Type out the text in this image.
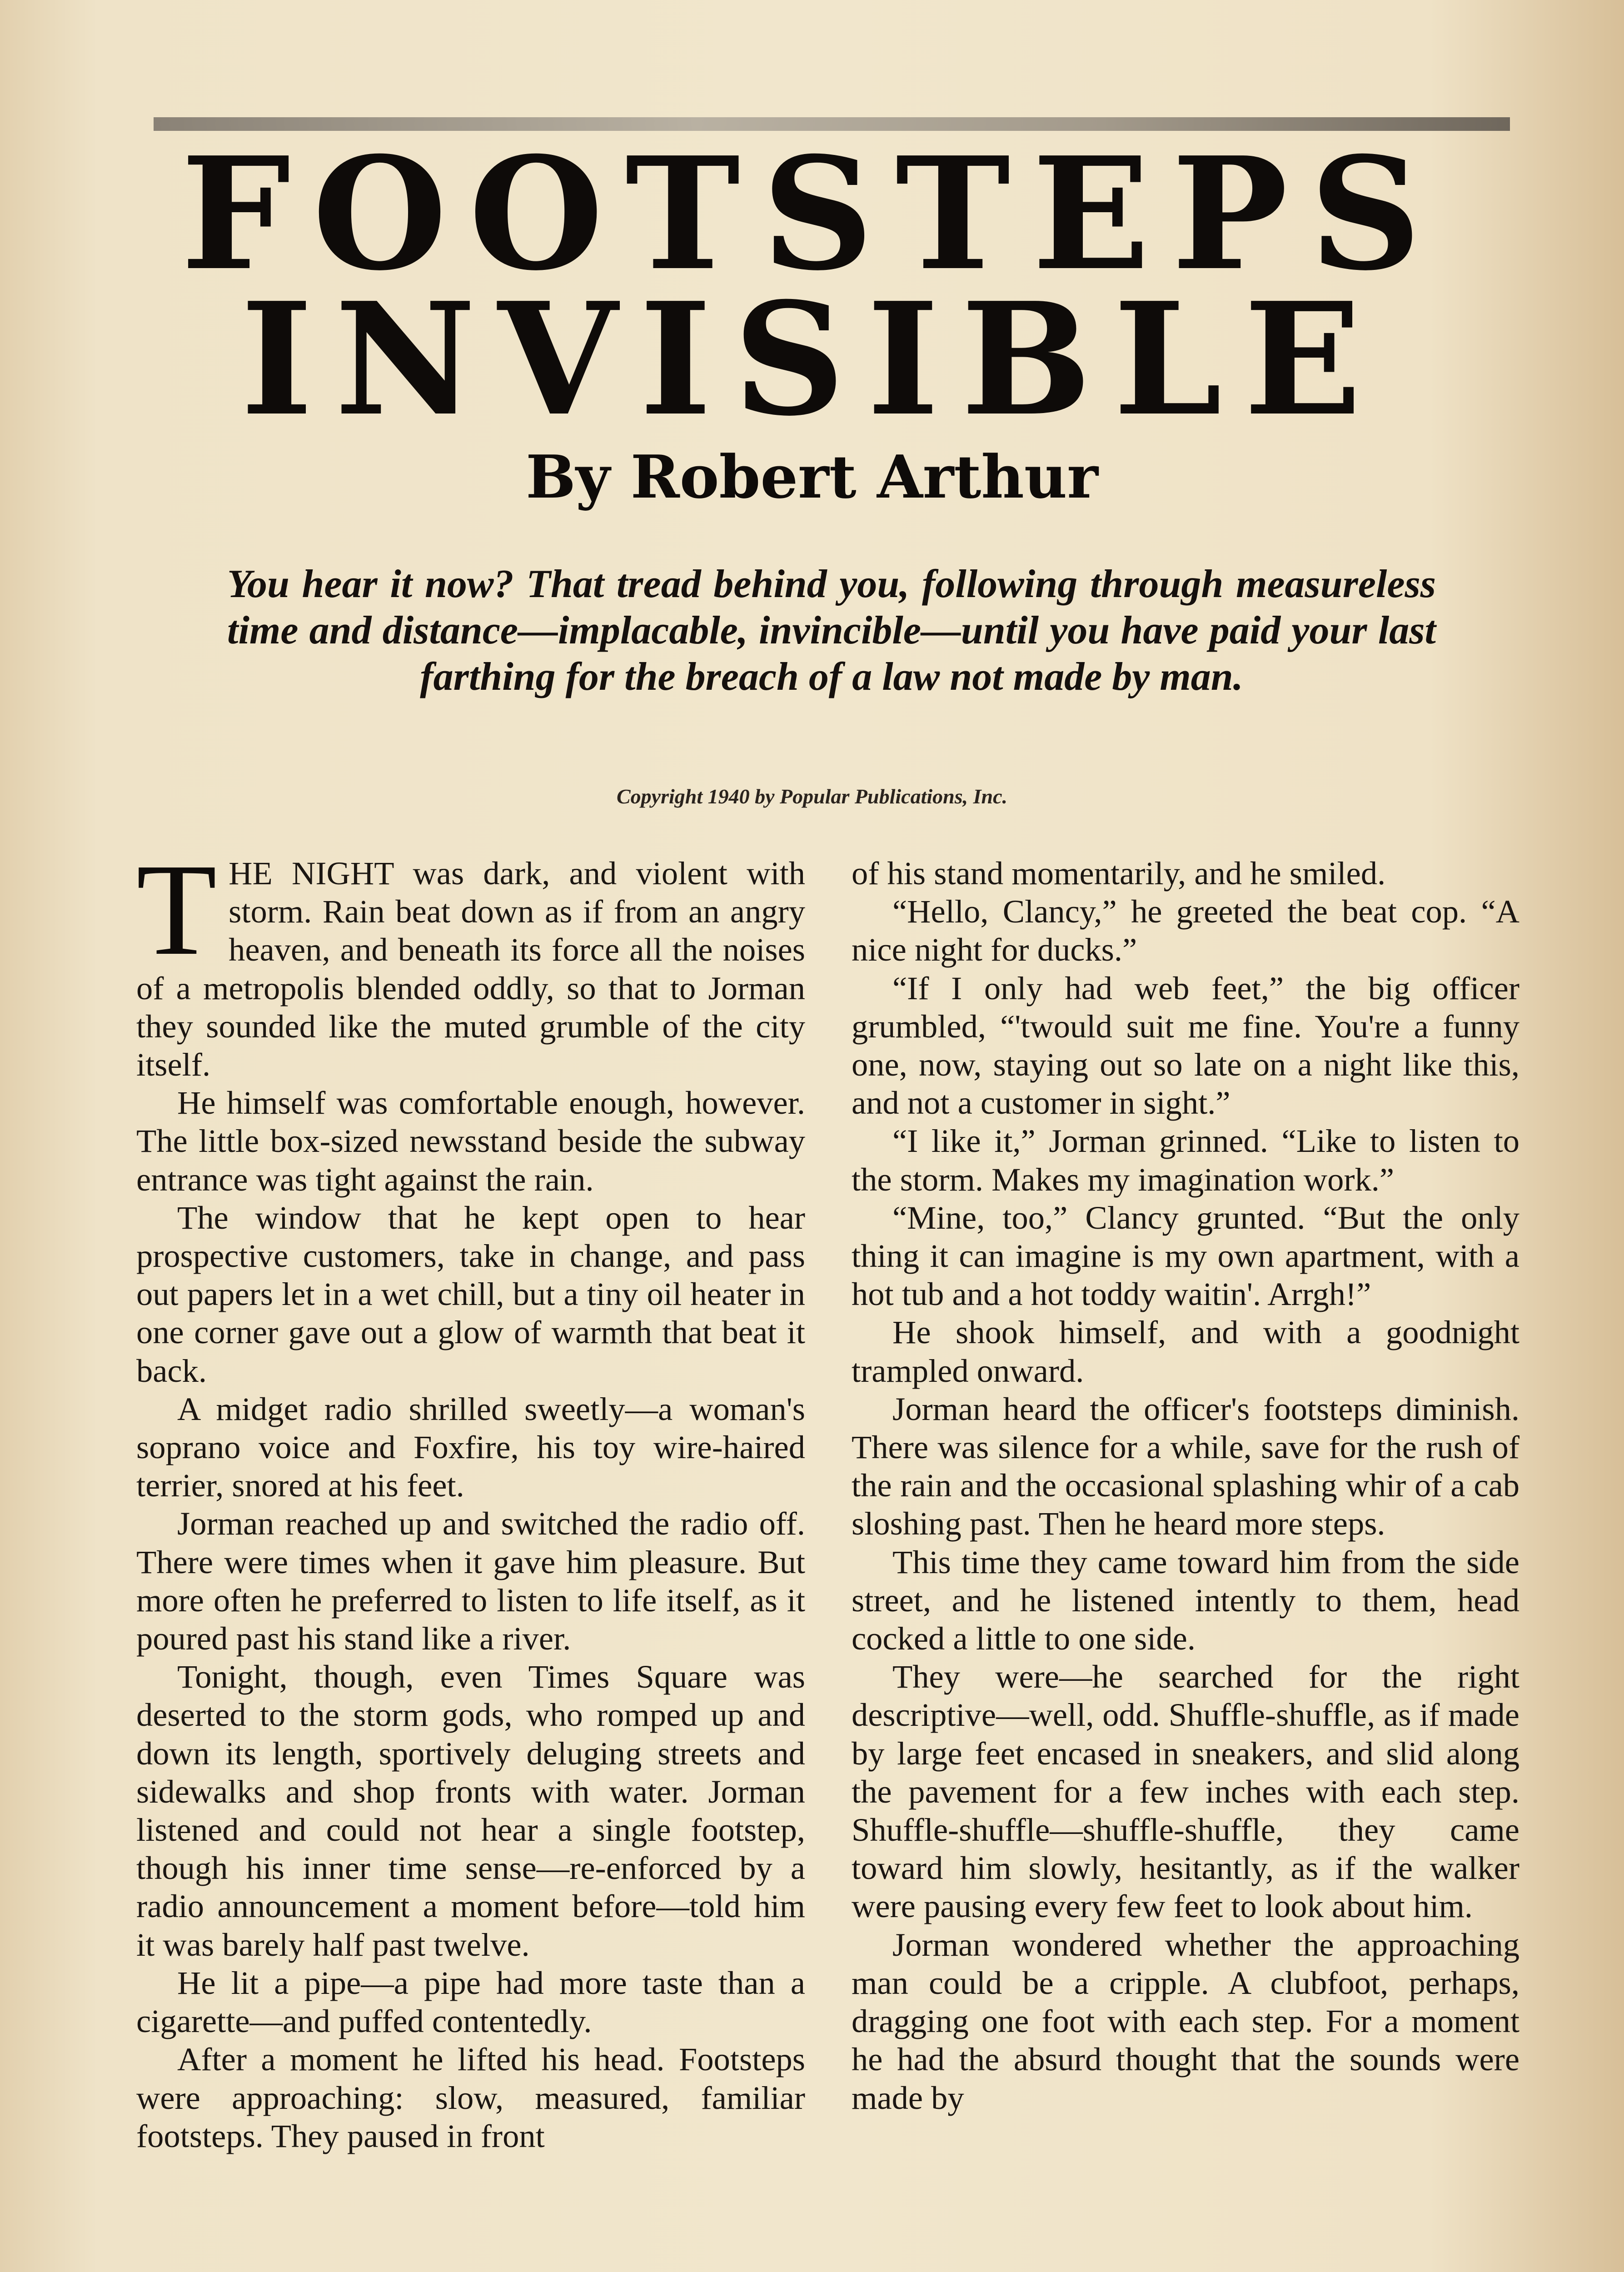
FOOTSTEPS
INVISIBLE
By Robert Arthur

You hear it now? That tread behind you, following through measureless time and distance—implacable, invincible—until you have paid your last farthing for the breach of a law not made by man.

Copyright 1940 by Popular Publications, Inc.

THE NIGHT was dark, and violent with storm. Rain beat down as if from an angry heaven, and beneath its force all the noises of a metropolis blended oddly, so that to Jorman they sounded like the muted grumble of the city itself.

He himself was comfortable enough, however. The little box-sized newsstand beside the subway entrance was tight against the rain.

The window that he kept open to hear prospective customers, take in change, and pass out papers let in a wet chill, but a tiny oil heater in one corner gave out a glow of warmth that beat it back.

A midget radio shrilled sweetly—a woman's soprano voice and Foxfire, his toy wire-haired terrier, snored at his feet.

Jorman reached up and switched the radio off. There were times when it gave him pleasure. But more often he preferred to listen to life itself, as it poured past his stand like a river.

Tonight, though, even Times Square was deserted to the storm gods, who romped up and down its length, sportively deluging streets and sidewalks and shop fronts with water. Jorman listened and could not hear a single footstep, though his inner time sense—re-enforced by a radio announcement a moment before—told him it was barely half past twelve.

He lit a pipe—a pipe had more taste than a cigarette—and puffed contentedly.

After a moment he lifted his head. Footsteps were approaching: slow, measured, familiar footsteps. They paused in front

of his stand momentarily, and he smiled.

“Hello, Clancy,” he greeted the beat cop. “A nice night for ducks.”

“If I only had web feet,” the big officer grumbled, “'twould suit me fine. You're a funny one, now, staying out so late on a night like this, and not a customer in sight.”

“I like it,” Jorman grinned. “Like to listen to the storm. Makes my imagination work.”

“Mine, too,” Clancy grunted. “But the only thing it can imagine is my own apartment, with a hot tub and a hot toddy waitin'. Arrgh!”

He shook himself, and with a goodnight trampled onward.

Jorman heard the officer's footsteps diminish. There was silence for a while, save for the rush of the rain and the occasional splashing whir of a cab sloshing past. Then he heard more steps.

This time they came toward him from the side street, and he listened intently to them, head cocked a little to one side.

They were—he searched for the right descriptive—well, odd. Shuffle-shuffle, as if made by large feet encased in sneakers, and slid along the pavement for a few inches with each step. Shuffle-shuffle—shuffle-shuffle, they came toward him slowly, hesitantly, as if the walker were pausing every few feet to look about him.

Jorman wondered whether the approaching man could be a cripple. A clubfoot, perhaps, dragging one foot with each step. For a moment he had the absurd thought that the sounds were made by
